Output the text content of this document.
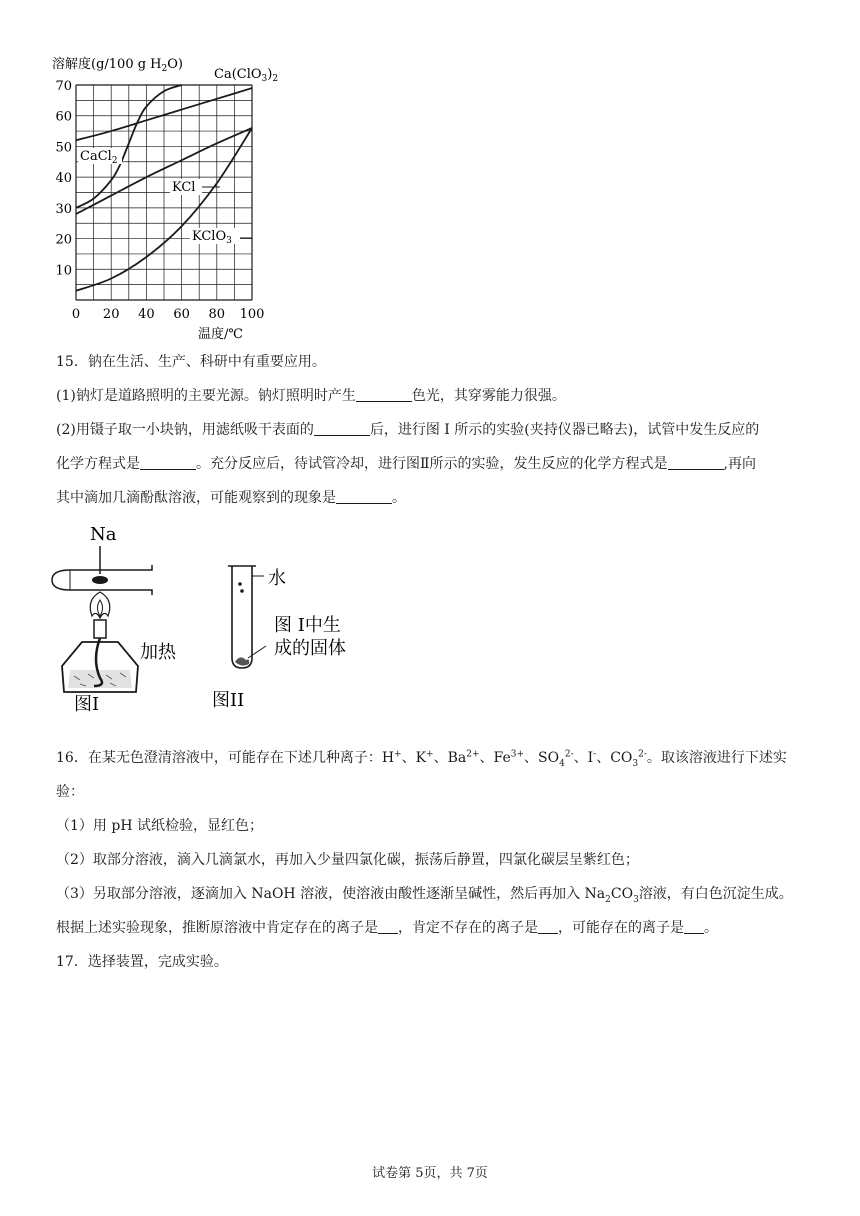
0 20 40 60 80 100
10
20
30
40
50
60
70
溶解度(g/100 g $H_2O$)
$Ca(ClO_3)_2$
CaCl$_2$
KCl
KClO$_3$
温度/℃
15．钠在生活、生产、科研中有重要应用。
(1)钠灯是道路照明的主要光源。钠灯照明时产生	色光，其穿雾能力很强。
(2)用镊子取一小块钠，用滤纸吸干表面的	后，进行图 I 所示的实验(夹持仪器已略去)，试管中发生反应的
化学方程式是	。充分反应后，待试管冷却，进行图Ⅱ所示的实验，发生反应的化学方程式是	,再向
其中滴加几滴酚酞溶液，可能观察到的现象是	。
Na
加热
图I
水
图 I中生
成的固体
图II
16．在某无色澄清溶液中，可能存在下述几种离子：H+、K+、$Ba^{2+}$、$Fe^{3+}$、$SO_4^{2-}$、I-、$CO_3^{2-}$。取该溶液进行下述实
验：
（1）用 pH 试纸检验，显红色；
（2）取部分溶液，滴入几滴氯水，再加入少量四氯化碳，振荡后静置，四氯化碳层呈紫红色；
（3）另取部分溶液，逐滴加入 NaOH 溶液，使溶液由酸性逐渐呈碱性，然后再加入 $Na_2CO_3$溶液，有白色沉淀生成。
根据上述实验现象，推断原溶液中肯定存在的离子是 ，肯定不存在的离子是 ，可能存在的离子是 。
17．选择装置，完成实验。
试卷第 5页，共 7页
